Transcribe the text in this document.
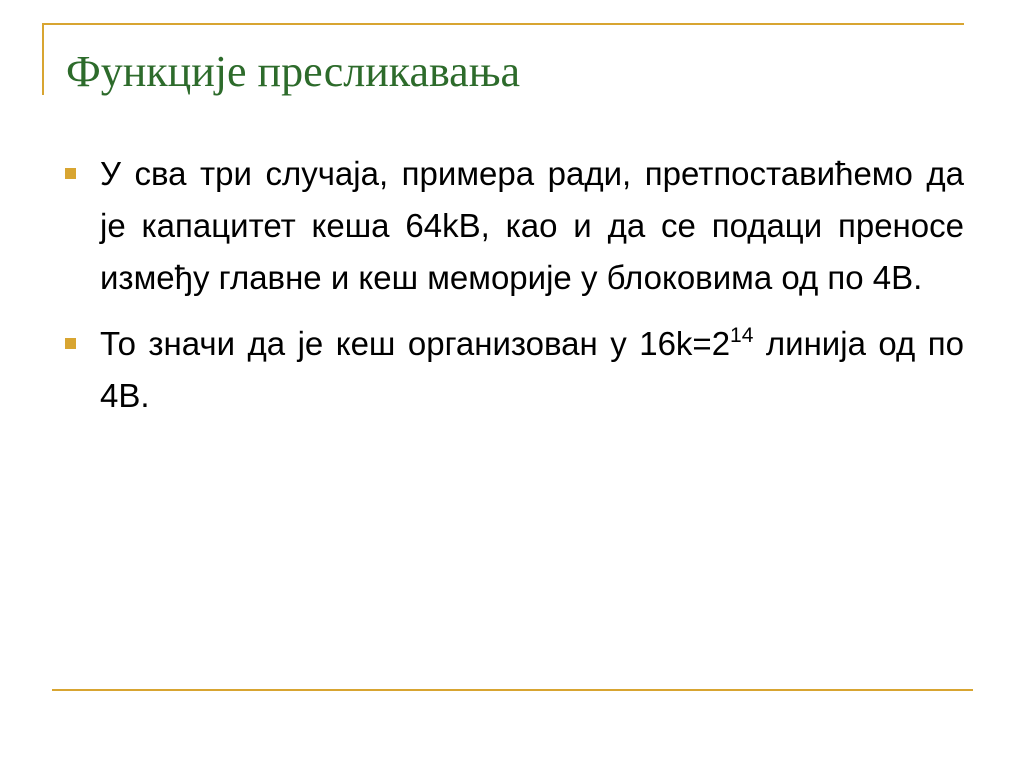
Функције пресликавања
У сва три случаја, примера ради, претпоставићемо да је капацитет кеша 64kB, као и да се подаци преносе између главне и кеш меморије у блоковима од по 4B.
То значи да је кеш организован у $16k=2^{14}$ линија од по 4B.
